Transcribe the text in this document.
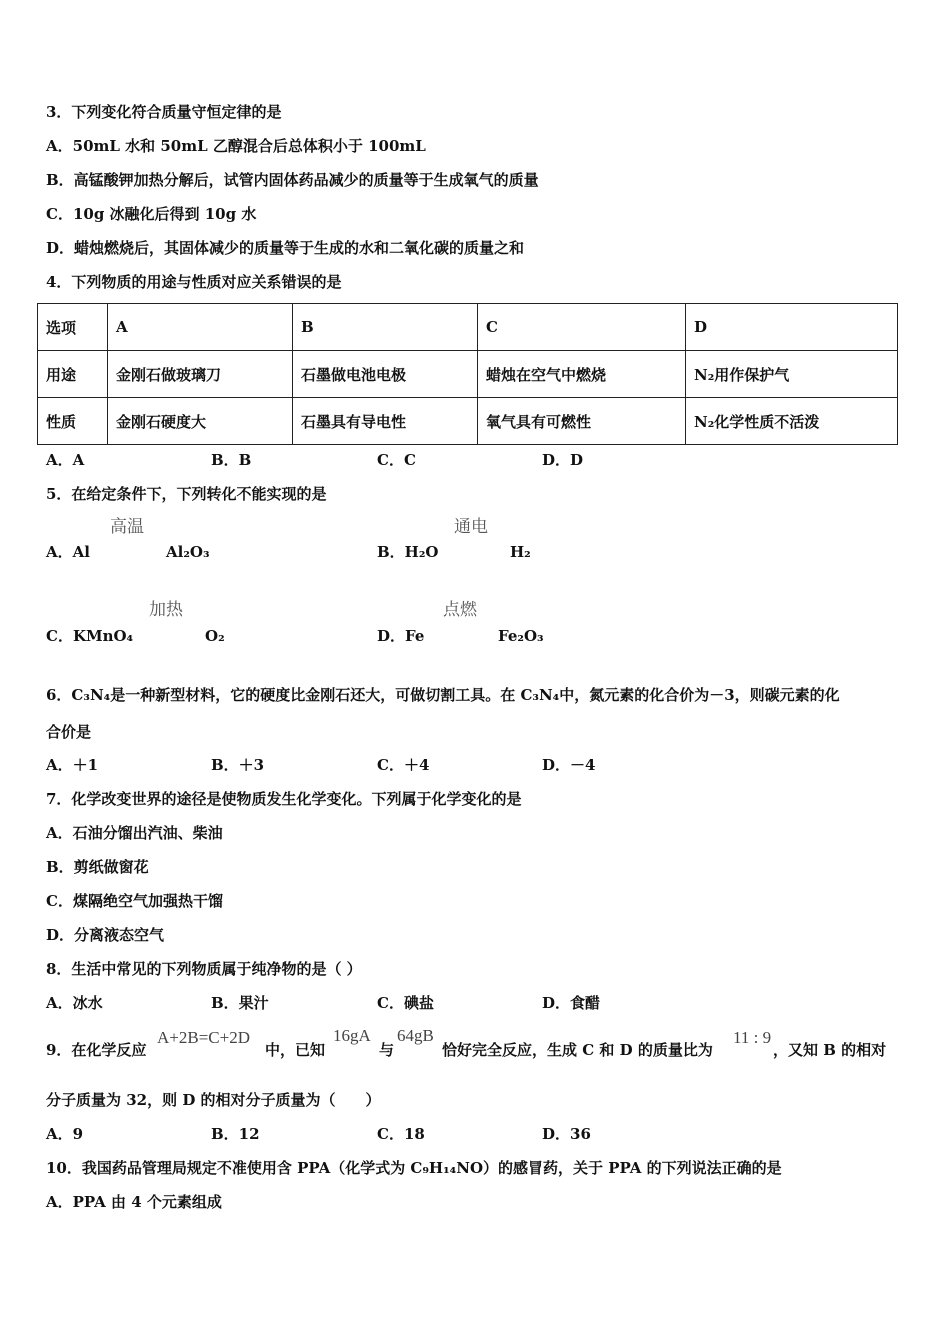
3．下列变化符合质量守恒定律的是
A．50mL 水和 50mL 乙醇混合后总体积小于 100mL
B．高锰酸钾加热分解后，试管内固体药品减少的质量等于生成氧气的质量
C．10g 冰融化后得到 10g 水
D．蜡烛燃烧后，其固体减少的质量等于生成的水和二氧化碳的质量之和
4．下列物质的用途与性质对应关系错误的是
选项	A	B	C	D
用途	金刚石做玻璃刀	石墨做电池电极	蜡烛在空气中燃烧	N₂用作保护气
性质	金刚石硬度大	石墨具有导电性	氧气具有可燃性	N₂化学性质不活泼
A．A	B．B	C．C	D．D
5．在给定条件下，下列转化不能实现的是
高温
A．Al	Al₂O₃
通电
B．H₂O	H₂
加热
C．KMnO₄	O₂
点燃
D．Fe	Fe₂O₃
6．C₃N₄是一种新型材料，它的硬度比金刚石还大，可做切割工具。在 C₃N₄中，氮元素的化合价为－3，则碳元素的化
合价是
A．＋1	B．＋3	C．＋4	D．－4
7．化学改变世界的途径是使物质发生化学变化。下列属于化学变化的是
A．石油分馏出汽油、柴油
B．剪纸做窗花
C．煤隔绝空气加强热干馏
D．分离液态空气
8．生活中常见的下列物质属于纯净物的是（ ）
A．冰水	B．果汁	C．碘盐	D．食醋
9．在化学反应
A+2B=C+2D
中，已知
16gA
与
64gB
恰好完全反应，生成 C 和 D 的质量比为
11 : 9
，又知 B 的相对
分子质量为 32，则 D 的相对分子质量为（　　）
A．9	B．12	C．18	D．36
10．我国药品管理局规定不准使用含 PPA（化学式为 C₉H₁₄NO）的感冒药，关于 PPA 的下列说法正确的是
A．PPA 由 4 个元素组成
